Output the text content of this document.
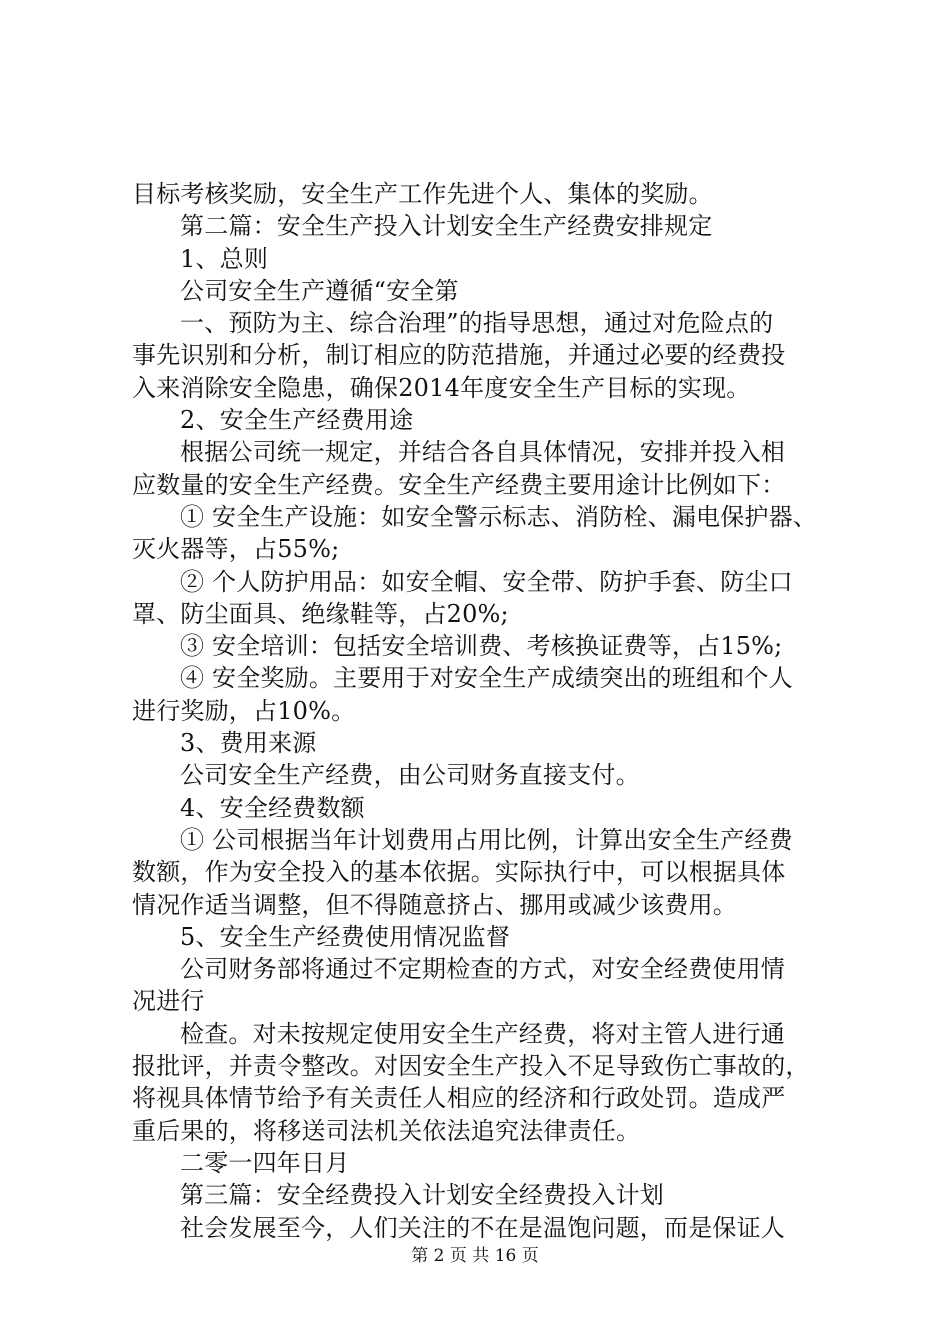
目标考核奖励，安全生产工作先进个人、集体的奖励。
第二篇：安全生产投入计划安全生产经费安排规定
1、总则
公司安全生产遵循“安全第
一、预防为主、综合治理”的指导思想，通过对危险点的
事先识别和分析，制订相应的防范措施，并通过必要的经费投
入来消除安全隐患，确保2014年度安全生产目标的实现。
2、安全生产经费用途
根据公司统一规定，并结合各自具体情况，安排并投入相
应数量的安全生产经费。安全生产经费主要用途计比例如下：
① 安全生产设施：如安全警示标志、消防栓、漏电保护器、
灭火器等，占55%;
② 个人防护用品：如安全帽、安全带、防护手套、防尘口
罩、防尘面具、绝缘鞋等，占20%;
③ 安全培训：包括安全培训费、考核换证费等，占15%;
④ 安全奖励。主要用于对安全生产成绩突出的班组和个人
进行奖励，占10%。
3、费用来源
公司安全生产经费，由公司财务直接支付。
4、安全经费数额
① 公司根据当年计划费用占用比例，计算出安全生产经费
数额，作为安全投入的基本依据。实际执行中，可以根据具体
情况作适当调整，但不得随意挤占、挪用或减少该费用。
5、安全生产经费使用情况监督
公司财务部将通过不定期检查的方式，对安全经费使用情
况进行
检查。对未按规定使用安全生产经费，将对主管人进行通
报批评，并责令整改。对因安全生产投入不足导致伤亡事故的，
将视具体情节给予有关责任人相应的经济和行政处罚。造成严
重后果的，将移送司法机关依法追究法律责任。
二零一四年日月
第三篇：安全经费投入计划安全经费投入计划
社会发展至今，人们关注的不在是温饱问题，而是保证人
第 2 页 共 16 页
